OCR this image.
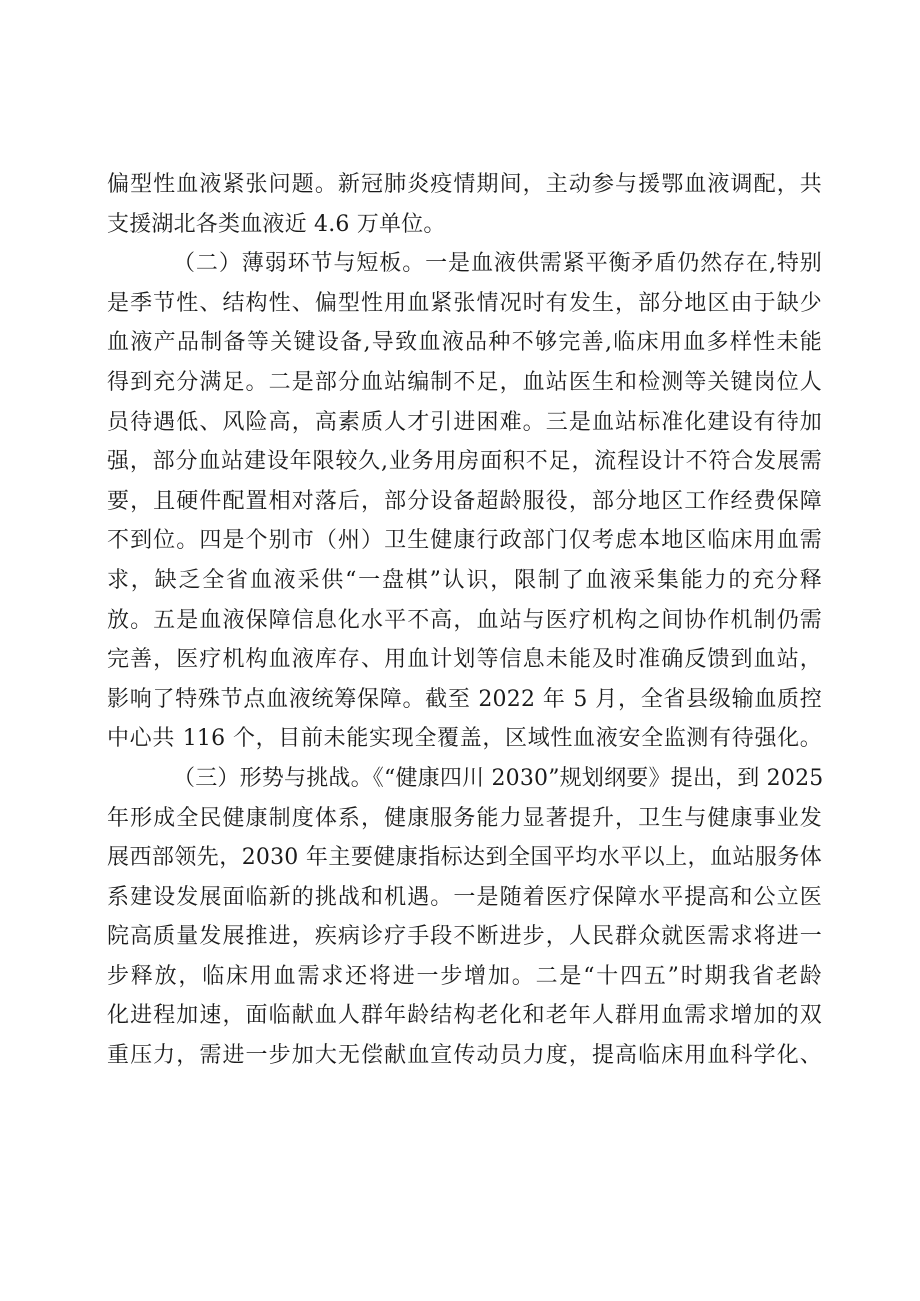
偏型性血液紧张问题。新冠肺炎疫情期间，主动参与援鄂血液调配，共
支援湖北各类血液近 4.6 万单位。
（二）薄弱环节与短板。一是血液供需紧平衡矛盾仍然存在,特别
是季节性、结构性、偏型性用血紧张情况时有发生，部分地区由于缺少
血液产品制备等关键设备,导致血液品种不够完善,临床用血多样性未能
得到充分满足。二是部分血站编制不足，血站医生和检测等关键岗位人
员待遇低、风险高，高素质人才引进困难。三是血站标准化建设有待加
强，部分血站建设年限较久,业务用房面积不足，流程设计不符合发展需
要，且硬件配置相对落后，部分设备超龄服役，部分地区工作经费保障
不到位。四是个别市（州）卫生健康行政部门仅考虑本地区临床用血需
求，缺乏全省血液采供“一盘棋”认识，限制了血液采集能力的充分释
放。五是血液保障信息化水平不高，血站与医疗机构之间协作机制仍需
完善，医疗机构血液库存、用血计划等信息未能及时准确反馈到血站，
影响了特殊节点血液统筹保障。截至 2022 年 5 月，全省县级输血质控
中心共 116 个，目前未能实现全覆盖，区域性血液安全监测有待强化。
（三）形势与挑战。《“健康四川 2030”规划纲要》提出，到 2025
年形成全民健康制度体系，健康服务能力显著提升，卫生与健康事业发
展西部领先，2030 年主要健康指标达到全国平均水平以上，血站服务体
系建设发展面临新的挑战和机遇。一是随着医疗保障水平提高和公立医
院高质量发展推进，疾病诊疗手段不断进步，人民群众就医需求将进一
步释放，临床用血需求还将进一步增加。二是“十四五”时期我省老龄
化进程加速，面临献血人群年龄结构老化和老年人群用血需求增加的双
重压力，需进一步加大无偿献血宣传动员力度，提高临床用血科学化、
